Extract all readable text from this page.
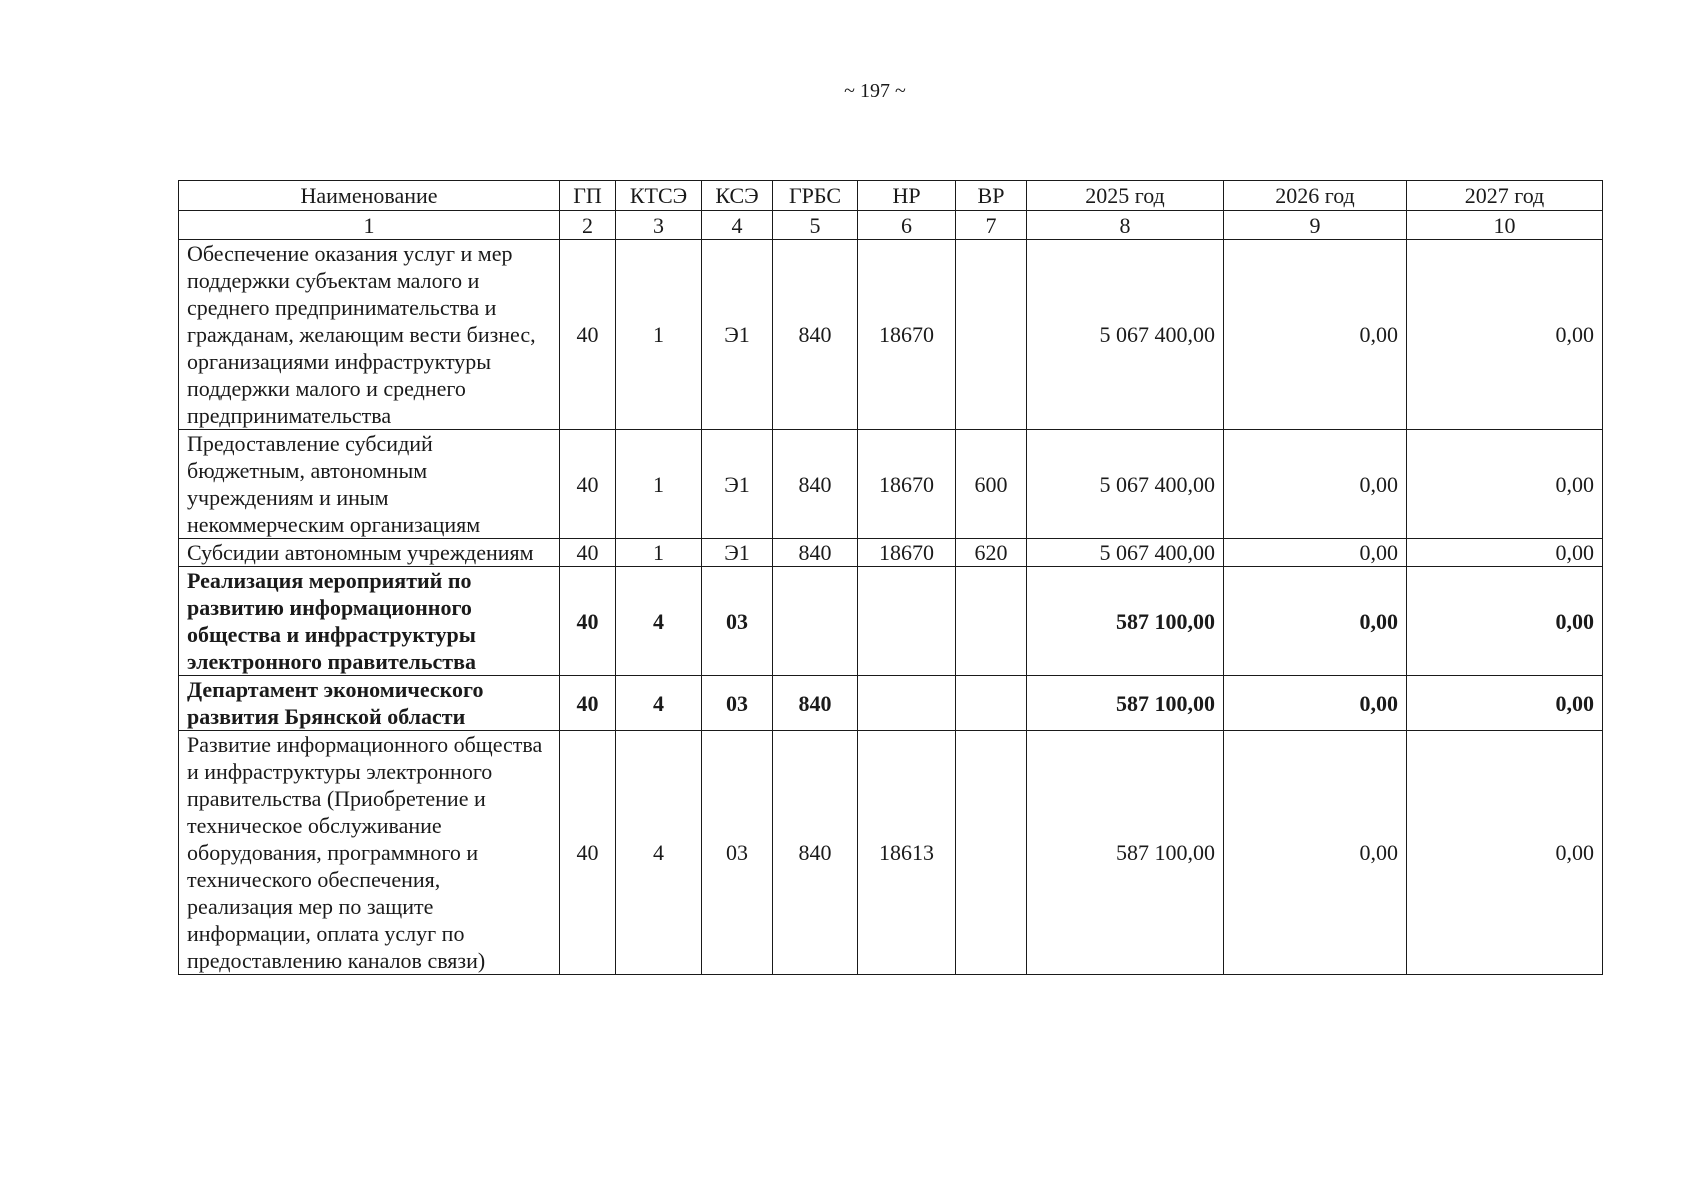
~ 197 ~
Наименование	ГП	КТСЭ	КСЭ	ГРБС	НР	ВР	2025 год	2026 год	2027 год
1	2	3	4	5	6	7	8	9	10
Обеспечение оказания услуг и мер поддержки субъектам малого и среднего предпринимательства и гражданам, желающим вести бизнес, организациями инфраструктуры поддержки малого и среднего предпринимательства	40	1	Э1	840	18670		5 067 400,00	0,00	0,00
Предоставление субсидий бюджетным, автономным учреждениям и иным некоммерческим организациям	40	1	Э1	840	18670	600	5 067 400,00	0,00	0,00
Субсидии автономным учреждениям	40	1	Э1	840	18670	620	5 067 400,00	0,00	0,00
Реализация мероприятий по развитию информационного общества и инфраструктуры электронного правительства	40	4	03				587 100,00	0,00	0,00
Департамент экономического развития Брянской области	40	4	03	840			587 100,00	0,00	0,00
Развитие информационного общества и инфраструктуры электронного правительства (Приобретение и техническое обслуживание оборудования, программного и технического обеспечения, реализация мер по защите информации, оплата услуг по предоставлению каналов связи)	40	4	03	840	18613		587 100,00	0,00	0,00
